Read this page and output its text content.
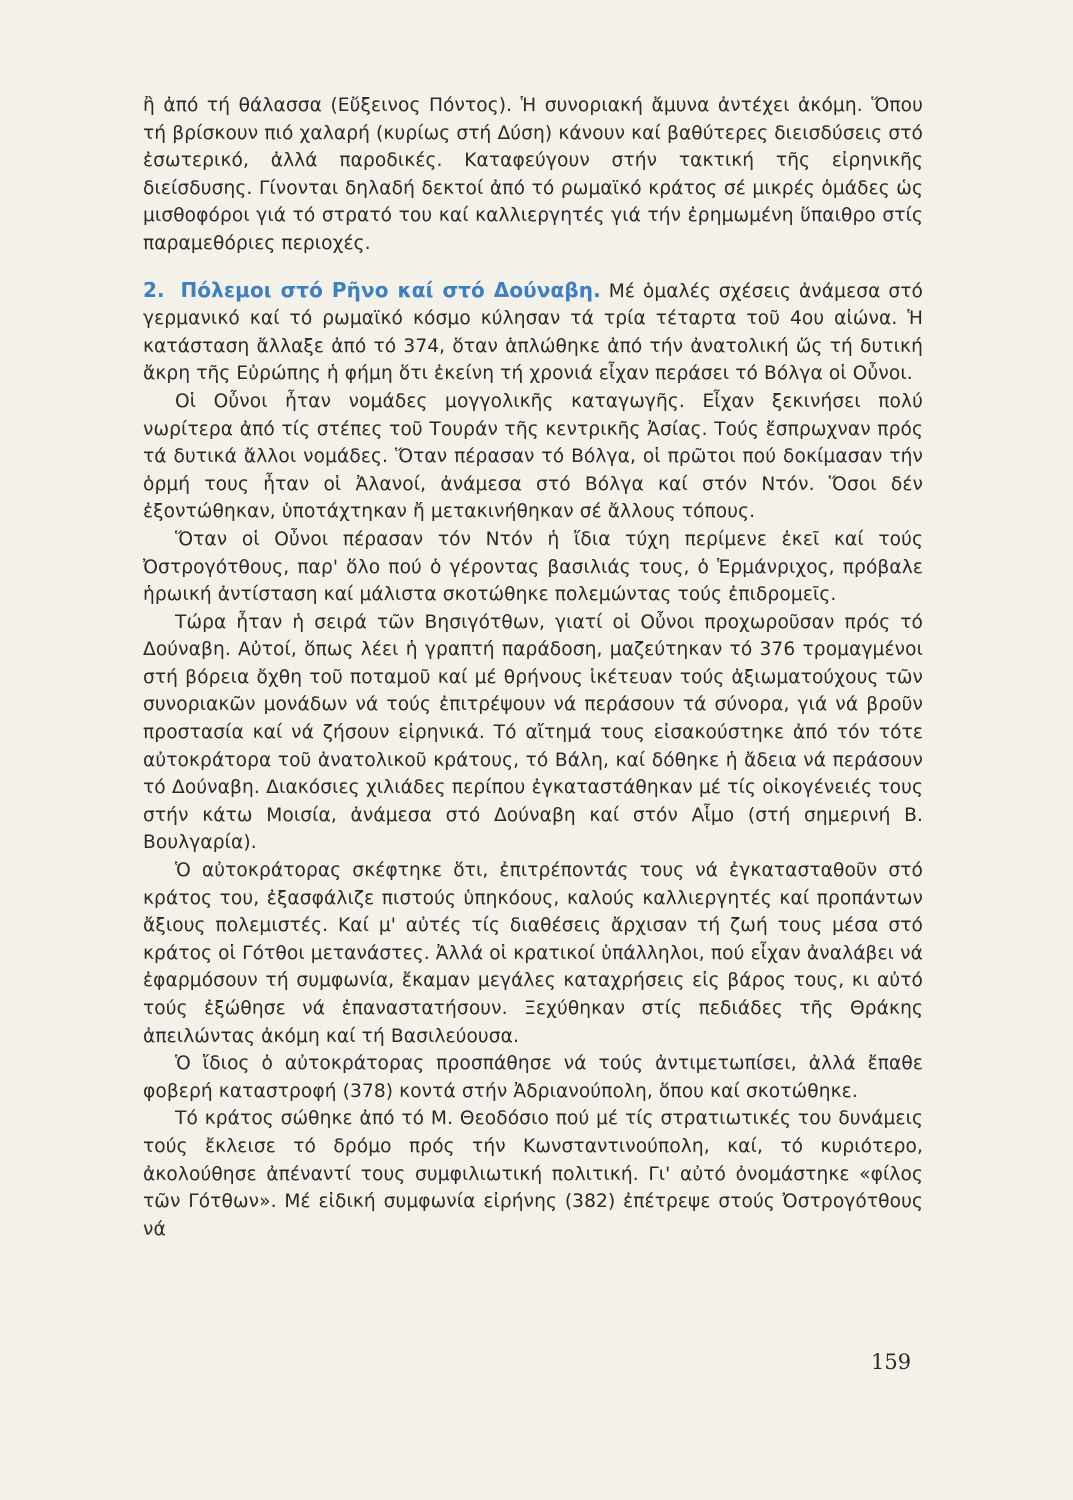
ἢ ἀπό τή θάλασσα (Εὔξεινος Πόντος). Ἡ συνοριακή ἄμυνα ἀντέχει ἀκόμη. Ὅπου τή βρίσκουν πιό χαλαρή (κυρίως στή Δύση) κάνουν καί βαθύτερες διεισδύσεις στό ἐσωτερικό, ἀλλά παροδικές. Καταφεύγουν στήν τακτική τῆς εἰρηνικῆς διείσδυσης. Γίνονται δηλαδή δεκτοί ἀπό τό ρωμαϊκό κράτος σέ μικρές ὁμάδες ὡς μισθοφόροι γιά τό στρατό του καί καλλιεργητές γιά τήν ἐρημωμένη ὕπαιθρο στίς παραμεθόριες περιοχές.

2. Πόλεμοι στό Ρῆνο καί στό Δούναβη. Μέ ὁμαλές σχέσεις ἀνάμεσα στό γερμανικό καί τό ρωμαϊκό κόσμο κύλησαν τά τρία τέταρτα τοῦ 4ου αἰώνα. Ἡ κατάσταση ἄλλαξε ἀπό τό 374, ὅταν ἁπλώθηκε ἀπό τήν ἀνατολική ὥς τή δυτική ἄκρη τῆς Εὐρώπης ἡ φήμη ὅτι ἐκείνη τή χρονιά εἶχαν περάσει τό Βόλγα οἱ Οὖνοι.

Οἱ Οὖνοι ἦταν νομάδες μογγολικῆς καταγωγῆς. Εἶχαν ξεκινήσει πολύ νωρίτερα ἀπό τίς στέπες τοῦ Τουράν τῆς κεντρικῆς Ἀσίας. Τούς ἔσπρωχναν πρός τά δυτικά ἄλλοι νομάδες. Ὅταν πέρασαν τό Βόλγα, οἱ πρῶτοι πού δοκίμασαν τήν ὁρμή τους ἦταν οἱ Ἀλανοί, ἀνάμεσα στό Βόλγα καί στόν Ντόν. Ὅσοι δέν ἐξοντώθηκαν, ὑποτάχτηκαν ἤ μετακινήθηκαν σέ ἄλλους τόπους.

Ὅταν οἱ Οὖνοι πέρασαν τόν Ντόν ἡ ἴδια τύχη περίμενε ἐκεῖ καί τούς Ὀστρογότθους, παρ' ὅλο πού ὁ γέροντας βασιλιάς τους, ὁ Ἑρμάνριχος, πρόβαλε ἡρωική ἀντίσταση καί μάλιστα σκοτώθηκε πολεμώντας τούς ἐπιδρομεῖς.

Τώρα ἦταν ἡ σειρά τῶν Βησιγότθων, γιατί οἱ Οὖνοι προχωροῦσαν πρός τό Δούναβη. Αὐτοί, ὅπως λέει ἡ γραπτή παράδοση, μαζεύτηκαν τό 376 τρομαγμένοι στή βόρεια ὄχθη τοῦ ποταμοῦ καί μέ θρήνους ἱκέτευαν τούς ἀξιωματούχους τῶν συνοριακῶν μονάδων νά τούς ἐπιτρέψουν νά περάσουν τά σύνορα, γιά νά βροῦν προστασία καί νά ζήσουν εἰρηνικά. Τό αἴτημά τους εἰσακούστηκε ἀπό τόν τότε αὐτοκράτορα τοῦ ἀνατολικοῦ κράτους, τό Βάλη, καί δόθηκε ἡ ἄδεια νά περάσουν τό Δούναβη. Διακόσιες χιλιάδες περίπου ἐγκαταστάθηκαν μέ τίς οἰκογένειές τους στήν κάτω Μοισία, ἀνάμεσα στό Δούναβη καί στόν Αἷμο (στή σημερινή Β. Βουλγαρία).

Ὁ αὐτοκράτορας σκέφτηκε ὅτι, ἐπιτρέποντάς τους νά ἐγκατασταθοῦν στό κράτος του, ἐξασφάλιζε πιστούς ὑπηκόους, καλούς καλλιεργητές καί προπάντων ἄξιους πολεμιστές. Καί μ' αὐτές τίς διαθέσεις ἄρχισαν τή ζωή τους μέσα στό κράτος οἱ Γότθοι μετανάστες. Ἀλλά οἱ κρατικοί ὑπάλληλοι, πού εἶχαν ἀναλάβει νά ἐφαρμόσουν τή συμφωνία, ἔκαμαν μεγάλες καταχρήσεις εἰς βάρος τους, κι αὐτό τούς ἐξώθησε νά ἐπαναστατήσουν. Ξεχύθηκαν στίς πεδιάδες τῆς Θράκης ἀπειλώντας ἀκόμη καί τή Βασιλεύουσα.

Ὁ ἴδιος ὁ αὐτοκράτορας προσπάθησε νά τούς ἀντιμετωπίσει, ἀλλά ἔπαθε φοβερή καταστροφή (378) κοντά στήν Ἀδριανούπολη, ὅπου καί σκοτώθηκε.

Τό κράτος σώθηκε ἀπό τό Μ. Θεοδόσιο πού μέ τίς στρατιωτικές του δυνάμεις τούς ἔκλεισε τό δρόμο πρός τήν Κωνσταντινούπολη, καί, τό κυριότερο, ἀκολούθησε ἀπέναντί τους συμφιλιωτική πολιτική. Γι' αὐτό ὀνομάστηκε «φίλος τῶν Γότθων». Μέ εἰδική συμφωνία εἰρήνης (382) ἐπέτρεψε στούς Ὀστρογότθους νά

159
